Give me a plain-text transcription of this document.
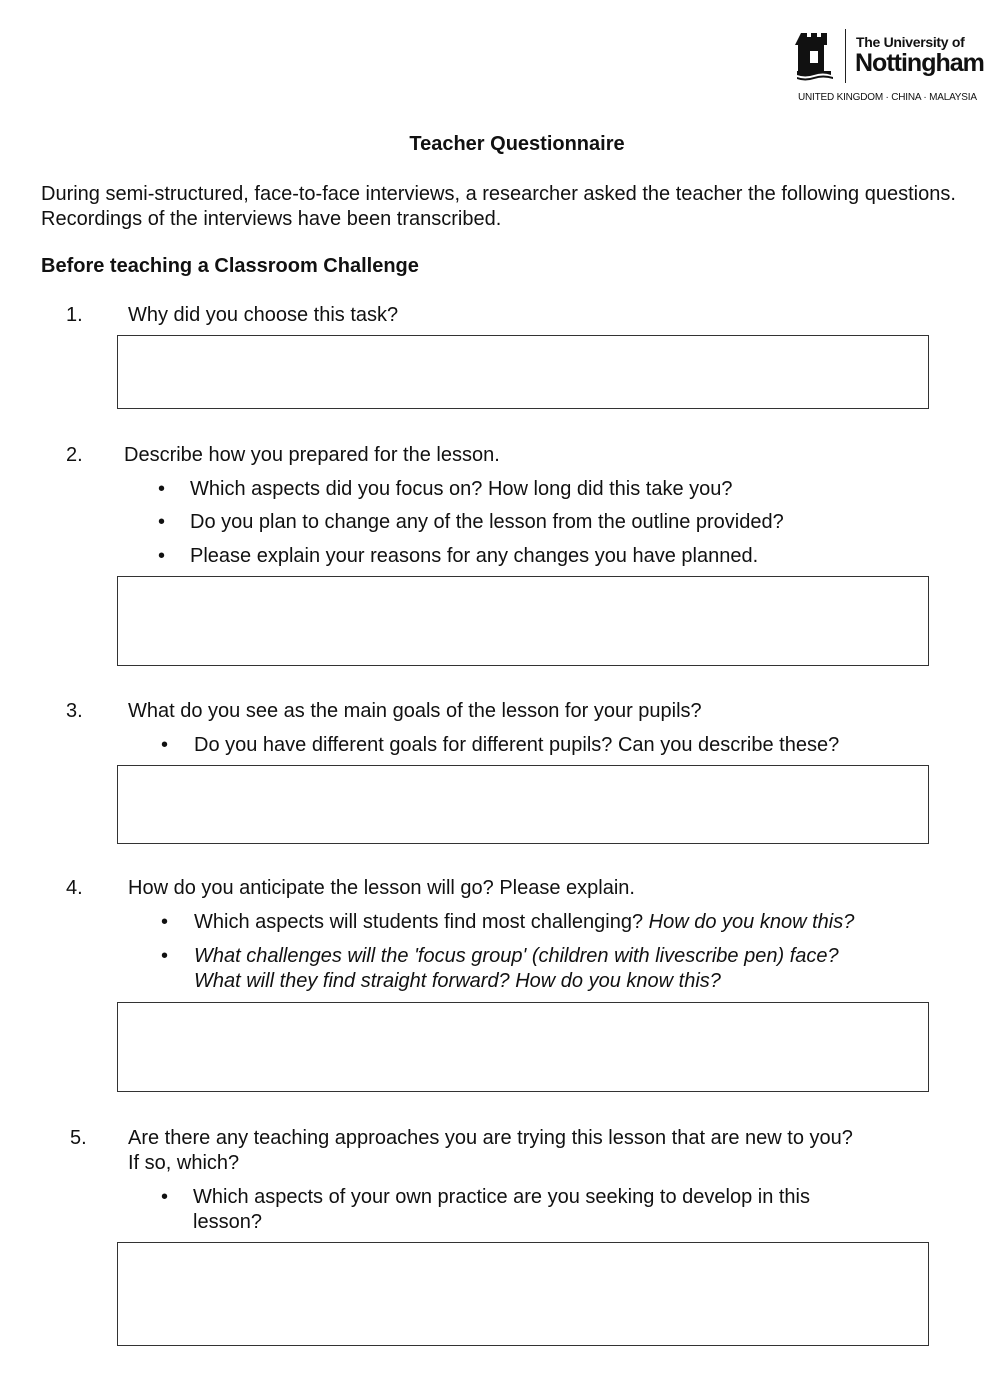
The University of
Nottingham
UNITED KINGDOM · CHINA · MALAYSIA
Teacher Questionnaire
During semi-structured, face-to-face interviews, a researcher asked the teacher the following questions. Recordings of the interviews have been transcribed.
Before teaching a Classroom Challenge
1. Why did you choose this task?
2. Describe how you prepared for the lesson.
• Which aspects did you focus on? How long did this take you?
• Do you plan to change any of the lesson from the outline provided?
• Please explain your reasons for any changes you have planned.
3. What do you see as the main goals of the lesson for your pupils?
• Do you have different goals for different pupils? Can you describe these?
4. How do you anticipate the lesson will go? Please explain.
• Which aspects will students find most challenging? How do you know this?
• What challenges will the 'focus group' (children with livescribe pen) face?
What will they find straight forward? How do you know this?
5. Are there any teaching approaches you are trying this lesson that are new to you?
If so, which?
• Which aspects of your own practice are you seeking to develop in this
lesson?
